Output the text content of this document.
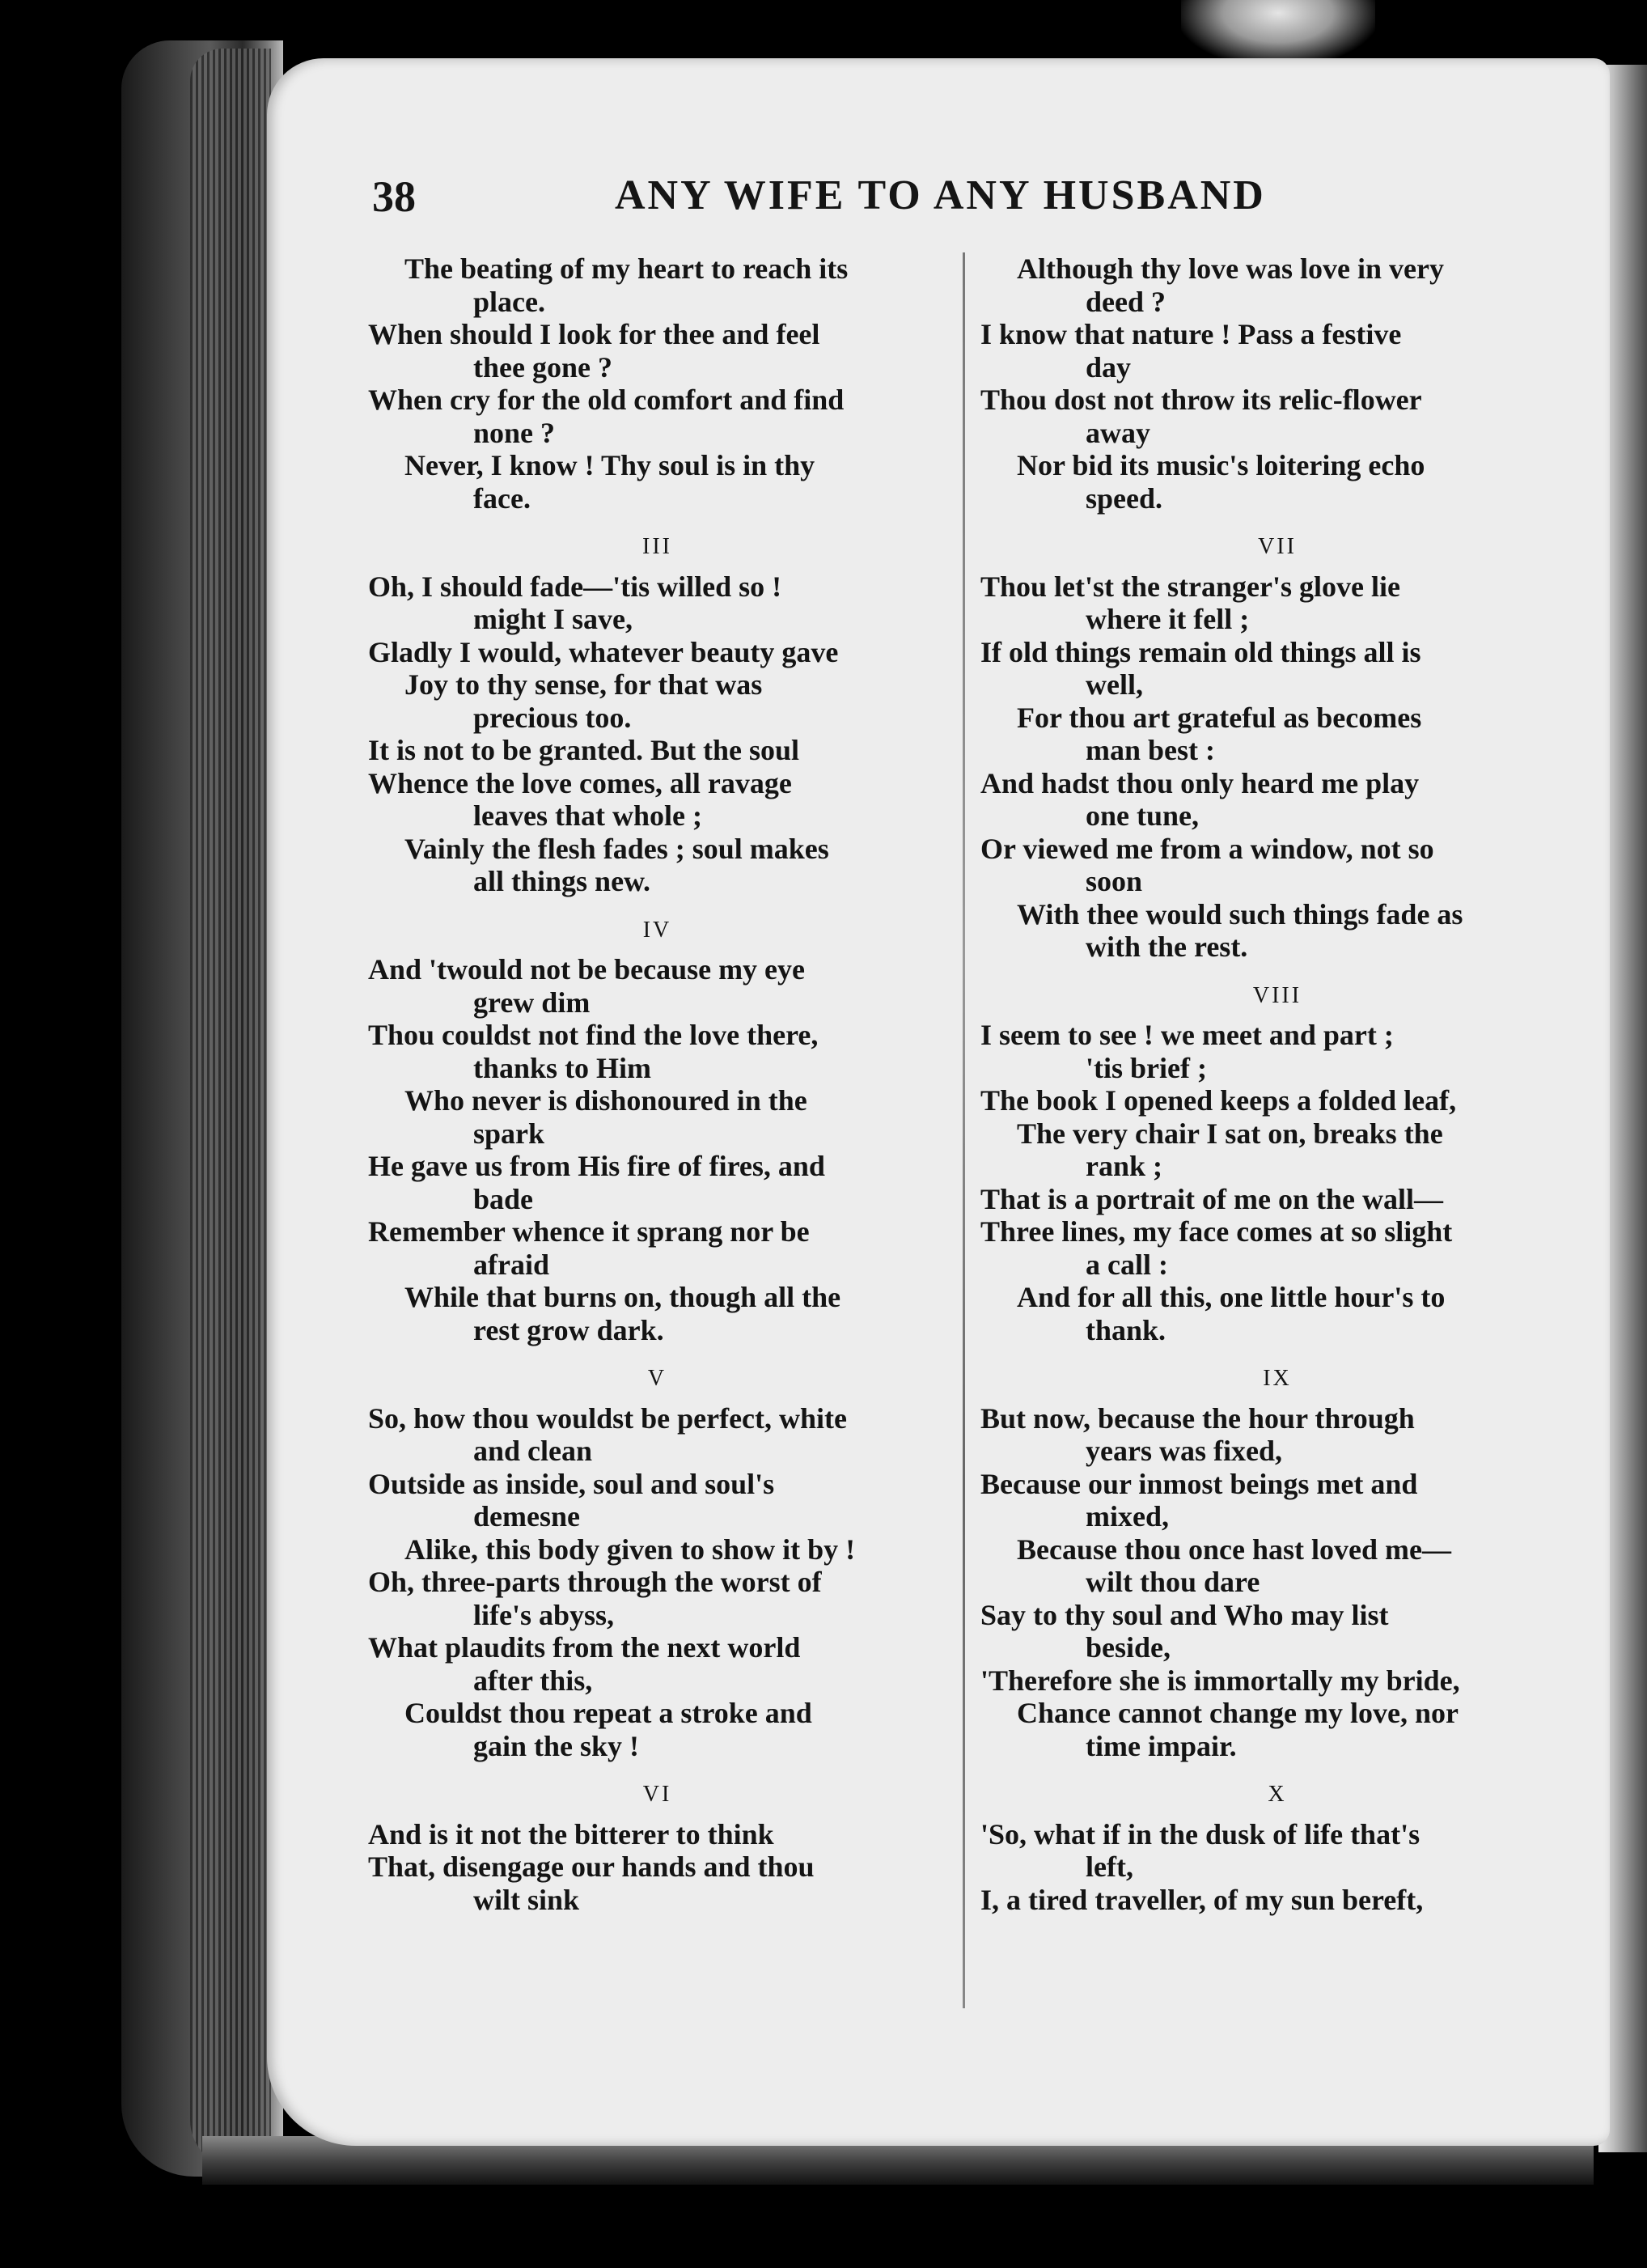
38	ANY WIFE TO ANY HUSBAND
The beating of my heart to reach its
place.
When should I look for thee and feel
thee gone ?
When cry for the old comfort and find
none ?
Never, I know ! Thy soul is in thy
face.
III
Oh, I should fade—'tis willed so !
might I save,
Gladly I would, whatever beauty gave
Joy to thy sense, for that was
precious too.
It is not to be granted. But the soul
Whence the love comes, all ravage
leaves that whole ;
Vainly the flesh fades ; soul makes
all things new.
IV
And 'twould not be because my eye
grew dim
Thou couldst not find the love there,
thanks to Him
Who never is dishonoured in the
spark
He gave us from His fire of fires, and
bade
Remember whence it sprang nor be
afraid
While that burns on, though all the
rest grow dark.
V
So, how thou wouldst be perfect, white
and clean
Outside as inside, soul and soul's
demesne
Alike, this body given to show it by !
Oh, three-parts through the worst of
life's abyss,
What plaudits from the next world
after this,
Couldst thou repeat a stroke and
gain the sky !
VI
And is it not the bitterer to think
That, disengage our hands and thou
wilt sink
Although thy love was love in very
deed ?
I know that nature ! Pass a festive
day
Thou dost not throw its relic-flower
away
Nor bid its music's loitering echo
speed.
VII
Thou let'st the stranger's glove lie
where it fell ;
If old things remain old things all is
well,
For thou art grateful as becomes
man best :
And hadst thou only heard me play
one tune,
Or viewed me from a window, not so
soon
With thee would such things fade as
with the rest.
VIII
I seem to see ! we meet and part ;
'tis brief ;
The book I opened keeps a folded leaf,
The very chair I sat on, breaks the
rank ;
That is a portrait of me on the wall—
Three lines, my face comes at so slight
a call :
And for all this, one little hour's to
thank.
IX
But now, because the hour through
years was fixed,
Because our inmost beings met and
mixed,
Because thou once hast loved me—
wilt thou dare
Say to thy soul and Who may list
beside,
'Therefore she is immortally my bride,
Chance cannot change my love, nor
time impair.
X
'So, what if in the dusk of life that's
left,
I, a tired traveller, of my sun bereft,
